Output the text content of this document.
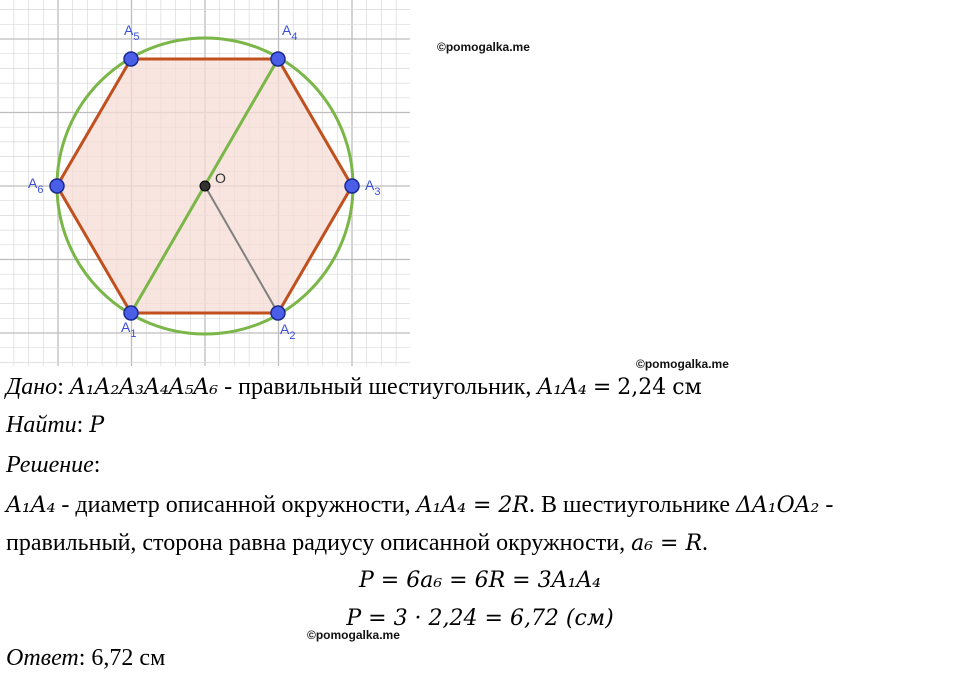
$A_1$	$A_2$
$A_3$
$A_4$
$A_5$
$A_6$
O
©pomogalka.me
©pomogalka.me
©pomogalka.me
Дано: A₁A₂A₃A₄A₅A₆ - правильный шестиугольник, A₁A₄ = 2,24 см
Найти: P
Решение:
A₁A₄ - диаметр описанной окружности, A₁A₄ = 2R. В шестиугольнике ΔA₁OA₂ -
правильный, сторона равна радиусу описанной окружности, a₆ = R.
P = 6a₆ = 6R = 3A₁A₄
P = 3 · 2,24 = 6,72 (см)
Ответ: 6,72 см
